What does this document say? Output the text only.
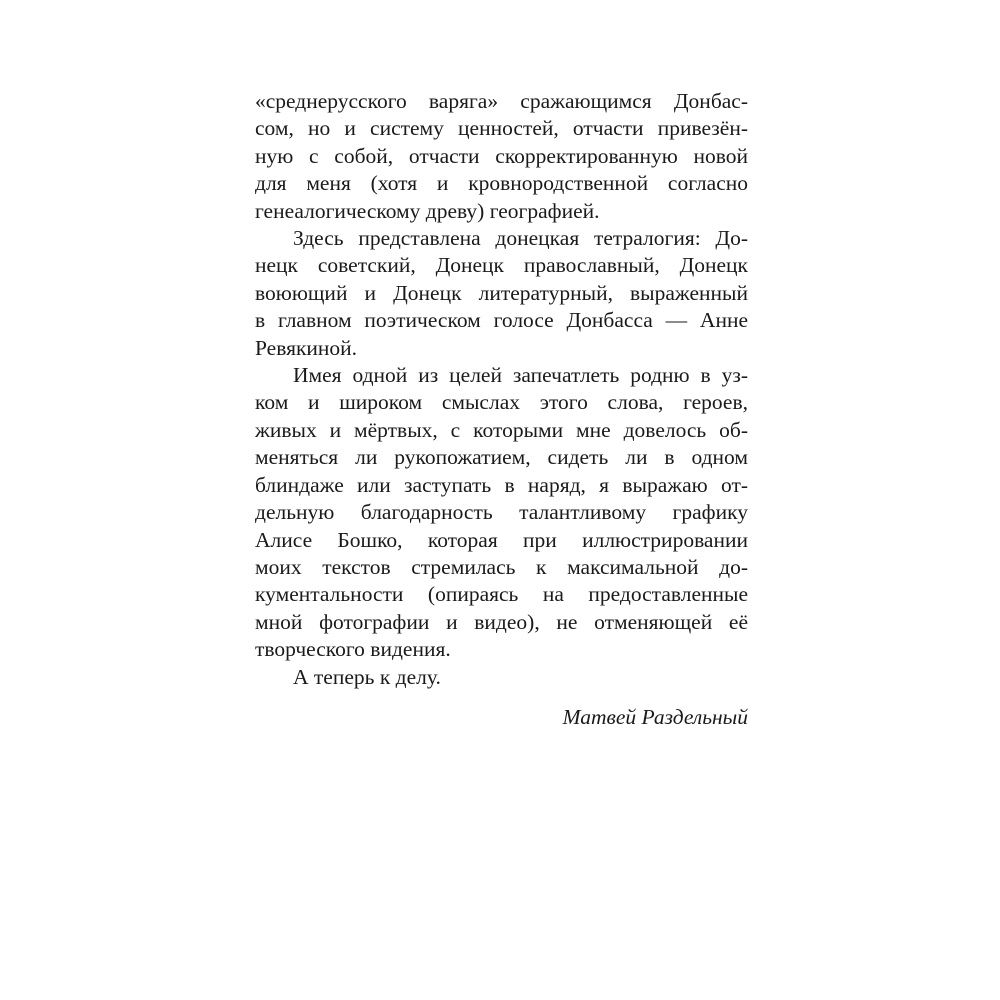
«среднерусского варяга» сражающимся Донбас-
сом, но и систему ценностей, отчасти привезён-
ную с собой, отчасти скорректированную новой
для меня (хотя и кровнородственной согласно
генеалогическому древу) географией.
Здесь представлена донецкая тетралогия: До-
нецк советский, Донецк православный, Донецк
воюющий и Донецк литературный, выраженный
в главном поэтическом голосе Донбасса — Анне
Ревякиной.
Имея одной из целей запечатлеть родню в уз-
ком и широком смыслах этого слова, героев,
живых и мёртвых, с которыми мне довелось об-
меняться ли рукопожатием, сидеть ли в одном
блиндаже или заступать в наряд, я выражаю от-
дельную благодарность талантливому графику
Алисе Бошко, которая при иллюстрировании
моих текстов стремилась к максимальной до-
кументальности (опираясь на предоставленные
мной фотографии и видео), не отменяющей её
творческого видения.
А теперь к делу.
Матвей Раздельный
